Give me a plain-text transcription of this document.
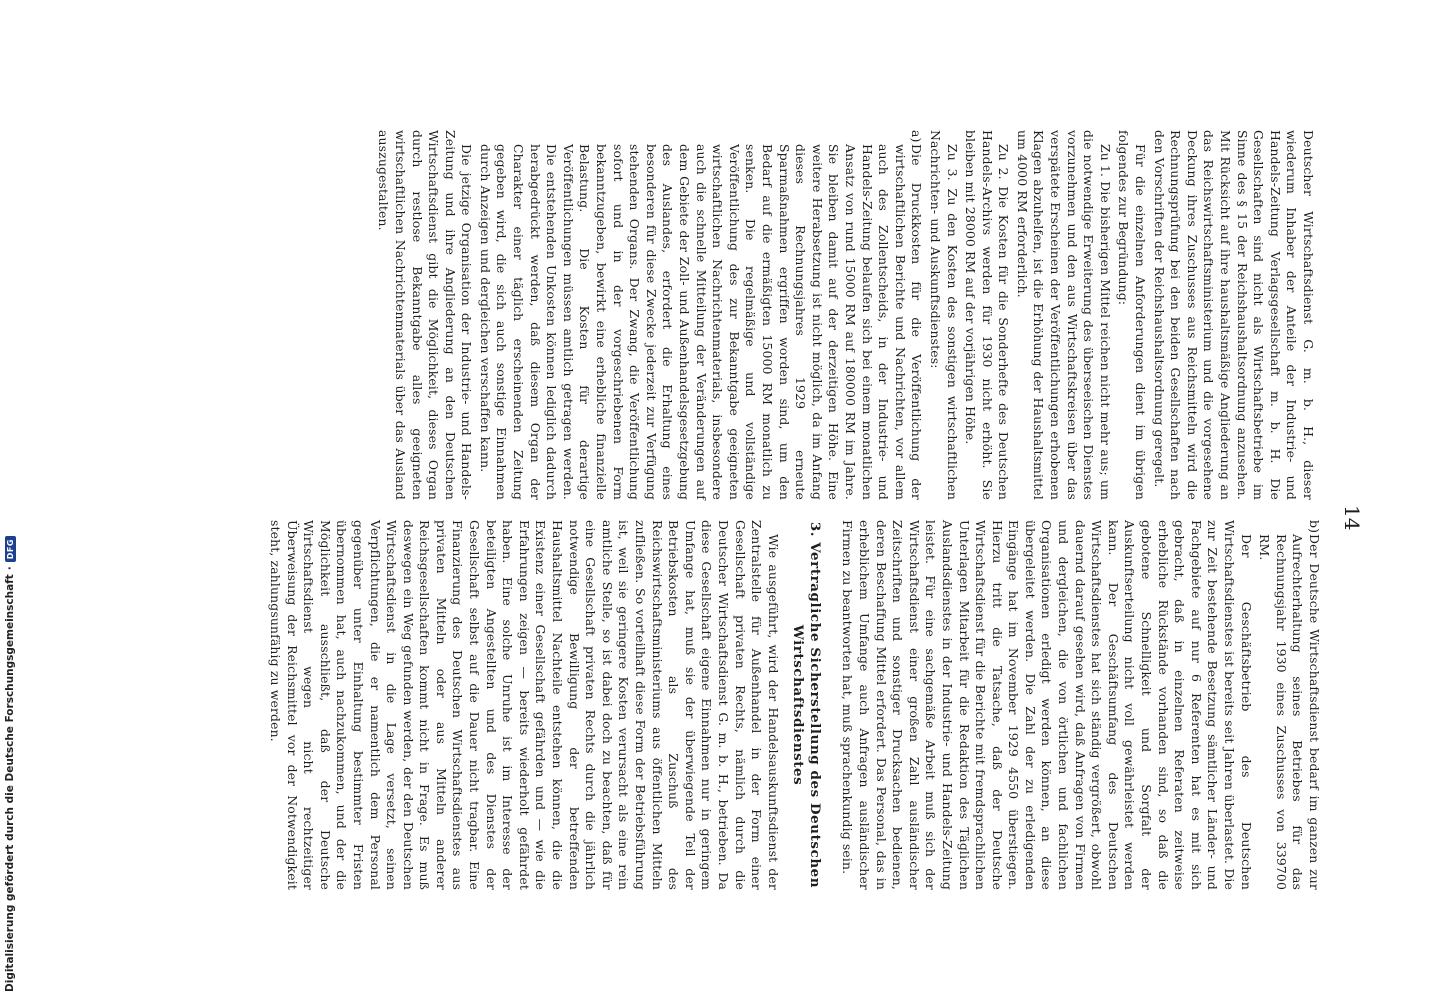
14

Deutscher Wirtschaftsdienst G. m. b. H., dieser wiederum Inhaber der Anteile der Industrie- und Handels-Zeitung Verlagsgesellschaft m. b. H. Die Gesellschaften sind nicht als Wirtschaftsbetriebe im Sinne des § 15 der Reichshaushaltsordnung anzusehen. Mit Rücksicht auf ihre haushaltsmäßige Angliederung an das Reichswirtschaftsministerium und die vorgesehene Deckung ihres Zuschusses aus Reichsmitteln wird die Rechnungsprüfung bei den beiden Gesellschaften nach den Vorschriften der Reichshaushaltsordnung geregelt.

Für die einzelnen Anforderungen dient im übrigen folgendes zur Begründung:

Zu 1. Die bisherigen Mittel reichen nicht mehr aus; um die notwendige Erweiterung des überseeischen Dienstes vorzunehmen und den aus Wirtschaftskreisen über das verspätete Erscheinen der Veröffentlichungen erhobenen Klagen abzuhelfen, ist die Erhöhung der Haushaltsmittel um 4000 RM erforderlich.

Zu 2. Die Kosten für die Sonderhefte des Deutschen Handels-Archivs werden für 1930 nicht erhöht. Sie bleiben mit 28000 RM auf der vorjährigen Höhe.

Zu 3. Zu den Kosten des sonstigen wirtschaftlichen Nachrichten- und Auskunftsdienstes:

a)Die Druckkosten für die Veröffentlichung der wirtschaftlichen Berichte und Nachrichten, vor allem auch des Zollentscheids, in der Industrie- und Handels-Zeitung belaufen sich bei einem monatlichen Ansatz von rund 15000 RM auf 180000 RM im Jahre. Sie bleiben damit auf der derzeitigen Höhe. Eine weitere Herabsetzung ist nicht möglich, da im Anfang dieses Rechnungsjahres 1929 erneute Sparmaßnahmen ergriffen worden sind, um den Bedarf auf die ermäßigten 15000 RM monatlich zu senken. Die regelmäßige und vollständige Veröffentlichung des zur Bekanntgabe geeigneten wirtschaftlichen Nachrichtenmaterials, insbesondere auch die schnelle Mitteilung der Veränderungen auf dem Gebiete der Zoll- und Außenhandelsgesetzgebung des Auslandes, erfordert die Erhaltung eines besonderen für diese Zwecke jederzeit zur Verfügung stehenden Organs. Der Zwang, die Veröffentlichung sofort und in der vorgeschriebenen Form bekanntzugeben, bewirkt eine erhebliche finanzielle Belastung. Die Kosten für derartige Veröffentlichungen müssen amtlich getragen werden. Die entstehenden Unkosten können lediglich dadurch herabgedrückt werden, daß diesem Organ der Charakter einer täglich erscheinenden Zeitung gegeben wird, die sich auch sonstige Einnahmen durch Anzeigen und dergleichen verschaffen kann.

Die jetzige Organisation der Industrie- und Handels-Zeitung und ihre Angliederung an den Deutschen Wirtschaftsdienst gibt die Möglichkeit, dieses Organ durch restlose Bekanntgabe alles geeigneten wirtschaftlichen Nachrichtenmaterials über das Ausland auszugestalten.

b)Der Deutsche Wirtschaftsdienst bedarf im ganzen zur Aufrechterhaltung seines Betriebes für das Rechnungsjahr 1930 eines Zuschusses von 339700 RM.

Der Geschäftsbetrieb des Deutschen Wirtschaftsdienstes ist bereits seit Jahren überlastet. Die zur Zeit bestehende Besetzung sämtlicher Länder- und Fachgebiete auf nur 6 Referenten hat es mit sich gebracht, daß in einzelnen Referaten zeitweise erhebliche Rückstände vorhanden sind, so daß die gebotene Schnelligkeit und Sorgfalt der Auskunftserteilung nicht voll gewährleistet werden kann. Der Geschäftsumfang des Deutschen Wirtschaftsdienstes hat sich ständig vergrößert, obwohl dauernd darauf gesehen wird, daß Anfragen von Firmen und dergleichen, die von örtlichen und fachlichen Organisationen erledigt werden können, an diese übergeleitet werden. Die Zahl der zu erledigenden Eingänge hat im November 1929 4550 überstiegen. Hierzu tritt die Tatsache, daß der Deutsche Wirtschaftsdienst für die Berichte mit fremdsprachlichen Unterlagen Mitarbeit für die Redaktion des Täglichen Auslandsdienstes in der Industrie- und Handels-Zeitung leistet. Für eine sachgemäße Arbeit muß sich der Wirtschaftsdienst einer großen Zahl ausländischer Zeitschriften und sonstiger Drucksachen bedienen, deren Beschaffung Mittel erfordert. Das Personal, das in erheblichem Umfange auch Anfragen ausländischer Firmen zu beantworten hat, muß sprachenkundig sein.

3. Vertragliche Sicherstellung des Deutschen Wirtschaftsdienstes

Wie ausgeführt, wird der Handelsauskunftsdienst der Zentralstelle für Außenhandel in der Form einer Gesellschaft privaten Rechts, nämlich durch die Deutscher Wirtschaftsdienst G. m. b. H., betrieben. Da diese Gesellschaft eigene Einnahmen nur in geringem Umfange hat, muß sie der überwiegende Teil der Betriebskosten als Zuschuß des Reichswirtschaftsministeriums aus öffentlichen Mitteln zufließen. So vorteilhaft diese Form der Betriebsführung ist, weil sie geringere Kosten verursacht als eine rein amtliche Stelle, so ist dabei doch zu beachten, daß für eine Gesellschaft privaten Rechts durch die jährlich notwendige Bewilligung der betreffenden Haushaltsmittel Nachteile entstehen können, die die Existenz einer Gesellschaft gefährden und — wie die Erfahrungen zeigen — bereits wiederholt gefährdet haben. Eine solche Unruhe ist im Interesse der beteiligten Angestellten und des Dienstes der Gesellschaft selbst auf die Dauer nicht tragbar. Eine Finanzierung des Deutschen Wirtschaftsdienstes aus privaten Mitteln oder aus Mitteln anderer Reichsgesellschaften kommt nicht in Frage. Es muß deswegen ein Weg gefunden werden, der den Deutschen Wirtschaftsdienst in die Lage versetzt, seinen Verpflichtungen, die er namentlich dem Personal gegenüber unter Einhaltung bestimmter Fristen übernommen hat, auch nachzukommen, und der die Möglichkeit ausschließt, daß der Deutsche Wirtschaftsdienst wegen nicht rechtzeitiger Überweisung der Reichsmittel vor der Notwendigkeit steht, zahlungsunfähig zu werden.

Digitalisierung gefördert durch die Deutsche Forschungsgemeinschaft
·
DFG
